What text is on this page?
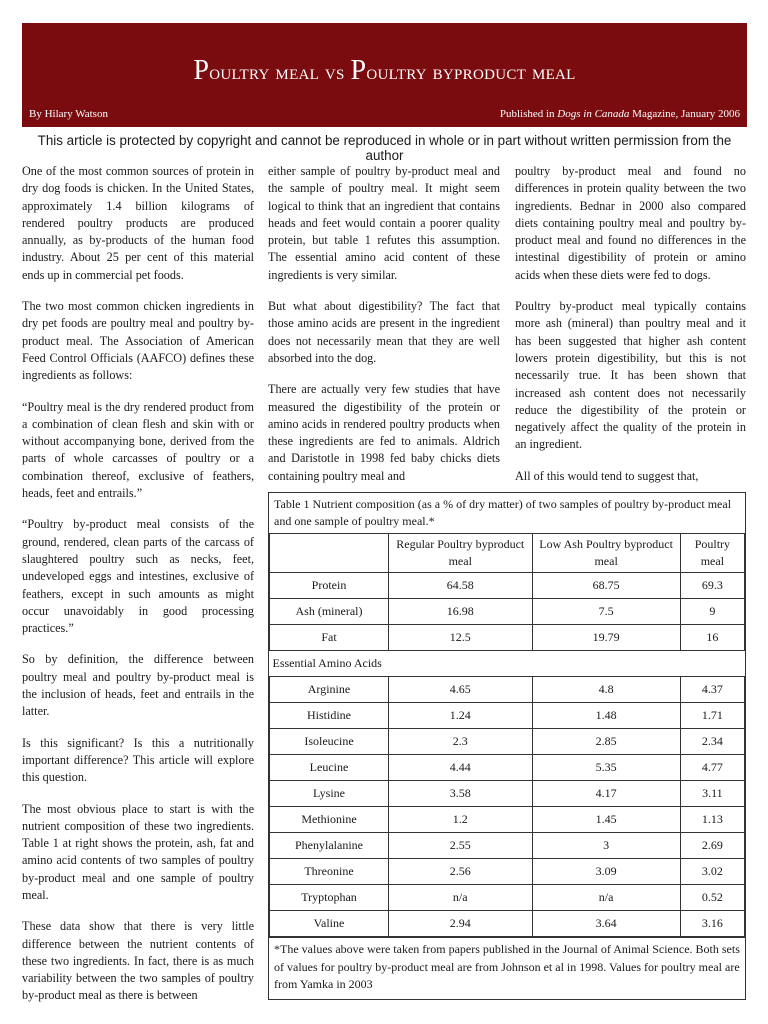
Poultry meal vs Poultry byproduct meal
By Hilary Watson	Published in Dogs in Canada Magazine, January 2006
This article is protected by copyright and cannot be reproduced in whole or in part without written permission from the author

One of the most common sources of protein in dry dog foods is chicken. In the United States, approximately 1.4 billion kilograms of rendered poultry products are produced annually, as by-products of the human food industry. About 25 per cent of this material ends up in commercial pet foods.

The two most common chicken ingredients in dry pet foods are poultry meal and poultry by-product meal. The Association of American Feed Control Officials (AAFCO) defines these ingredients as follows:

“Poultry meal is the dry rendered product from a combination of clean flesh and skin with or without accompanying bone, derived from the parts of whole carcasses of poultry or a combination thereof, exclusive of feathers, heads, feet and entrails.”

“Poultry by-product meal consists of the ground, rendered, clean parts of the carcass of slaughtered poultry such as necks, feet, undeveloped eggs and intestines, exclusive of feathers, except in such amounts as might occur unavoidably in good processing practices.”

So by definition, the difference between poultry meal and poultry by-product meal is the inclusion of heads, feet and entrails in the latter.

Is this significant? Is this a nutritionally important difference? This article will explore this question.

The most obvious place to start is with the nutrient composition of these two ingredients. Table 1 at right shows the protein, ash, fat and amino acid contents of two samples of poultry by-product meal and one sample of poultry meal.

These data show that there is very little difference between the nutrient contents of these two ingredients. In fact, there is as much variability between the two samples of poultry by-product meal as there is between

either sample of poultry by-product meal and the sample of poultry meal. It might seem logical to think that an ingredient that contains heads and feet would contain a poorer quality protein, but table 1 refutes this assumption. The essential amino acid content of these ingredients is very similar.

But what about digestibility? The fact that those amino acids are present in the ingredient does not necessarily mean that they are well absorbed into the dog.

There are actually very few studies that have measured the digestibility of the protein or amino acids in rendered poultry products when these ingredients are fed to animals. Aldrich and Daristotle in 1998 fed baby chicks diets containing poultry meal and

poultry by-product meal and found no differences in protein quality between the two ingredients. Bednar in 2000 also compared diets containing poultry meal and poultry by-product meal and found no differences in the intestinal digestibility of protein or amino acids when these diets were fed to dogs.

Poultry by-product meal typically contains more ash (mineral) than poultry meal and it has been suggested that higher ash content lowers protein digestibility, but this is not necessarily true. It has been shown that increased ash content does not necessarily reduce the digestibility of the protein or negatively affect the quality of the protein in an ingredient.

All of this would tend to suggest that,

Table 1 Nutrient composition (as a % of dry matter) of two samples of poultry by-product meal and one sample of poultry meal.*
	Regular Poultry byproduct meal	Low Ash Poultry byproduct meal	Poultry meal
Protein	64.58	68.75	69.3
Ash (mineral)	16.98	7.5	9
Fat	12.5	19.79	16
Essential Amino Acids			
Arginine	4.65	4.8	4.37
Histidine	1.24	1.48	1.71
Isoleucine	2.3	2.85	2.34
Leucine	4.44	5.35	4.77
Lysine	3.58	4.17	3.11
Methionine	1.2	1.45	1.13
Phenylalanine	2.55	3	2.69
Threonine	2.56	3.09	3.02
Tryptophan	n/a	n/a	0.52
Valine	2.94	3.64	3.16
*The values above were taken from papers published in the Journal of Animal Science. Both sets of values for poultry by-product meal are from Johnson et al in 1998. Values for poultry meal are from Yamka in 2003
